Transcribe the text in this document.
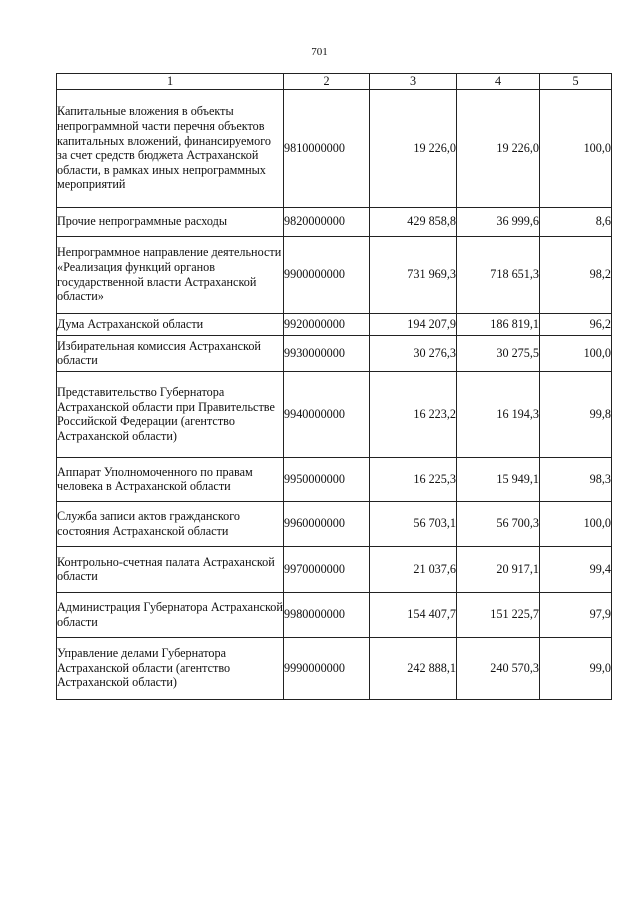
701
1	2	3	4	5
Капитальные вложения в объекты непрограммной части перечня объектов капитальных вложений, финансируемого за счет средств бюджета Астраханской области, в рамках иных непрограммных мероприятий	9810000000	19 226,0	19 226,0	100,0
Прочие непрограммные расходы	9820000000	429 858,8	36 999,6	8,6
Непрограммное направление деятельности «Реализация функций органов государственной власти Астраханской области»	9900000000	731 969,3	718 651,3	98,2
Дума Астраханской области	9920000000	194 207,9	186 819,1	96,2
Избирательная комиссия Астраханской области	9930000000	30 276,3	30 275,5	100,0
Представительство Губернатора Астраханской области при Правительстве Российской Федерации (агентство Астраханской области)	9940000000	16 223,2	16 194,3	99,8
Аппарат Уполномоченного по правам человека в Астраханской области	9950000000	16 225,3	15 949,1	98,3
Служба записи актов гражданского состояния Астраханской области	9960000000	56 703,1	56 700,3	100,0
Контрольно-счетная палата Астраханской области	9970000000	21 037,6	20 917,1	99,4
Администрация Губернатора Астраханской области	9980000000	154 407,7	151 225,7	97,9
Управление делами Губернатора Астраханской области (агентство Астраханской области)	9990000000	242 888,1	240 570,3	99,0
